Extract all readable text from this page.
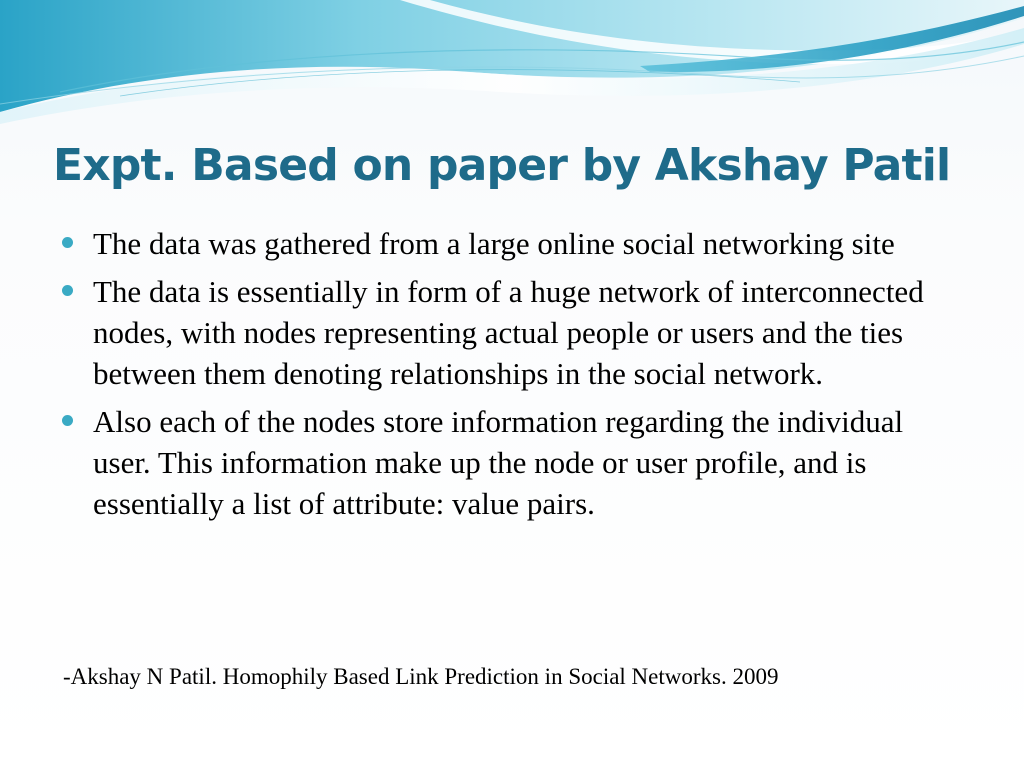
Expt. Based on paper by Akshay Patil
The data was gathered from a large online social networking site
The data is essentially in form of a huge network of interconnected nodes, with nodes representing actual people or users and the ties between them denoting relationships in the social network.
Also each of the nodes store information regarding the individual user. This information make up the node or user profile, and is essentially a list of attribute: value pairs.

-Akshay N Patil. Homophily Based Link Prediction in Social Networks. 2009
